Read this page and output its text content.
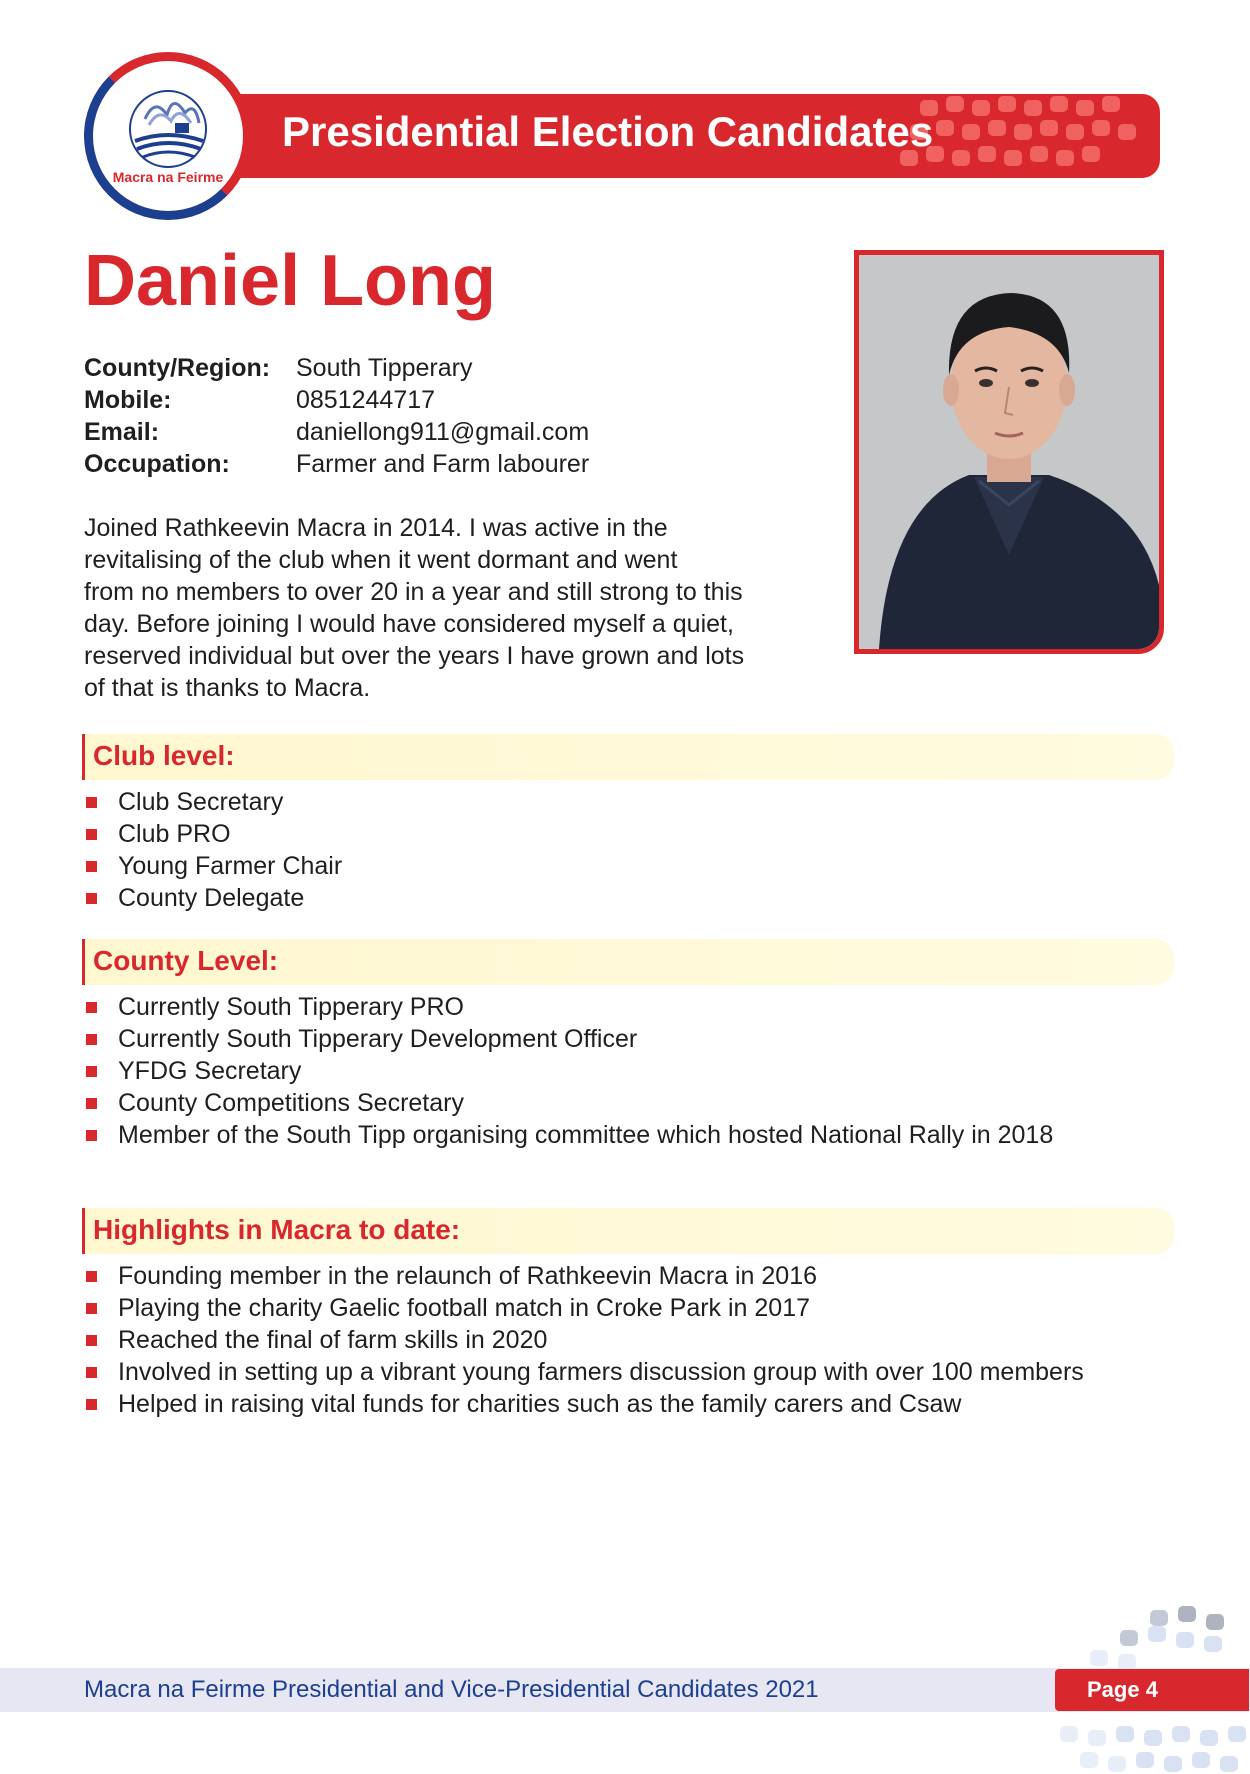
Macra na Feirme
Presidential Election Candidates
Daniel Long
County/Region:	South Tipperary
Mobile:	0851244717
Email:	daniellong911@gmail.com
Occupation:	Farmer and Farm labourer

Joined Rathkeevin Macra in 2014. I was active in the
revitalising of the club when it went dormant and went
from no members to over 20 in a year and still strong to this
day. Before joining I would have considered myself a quiet,
reserved individual but over the years I have grown and lots
of that is thanks to Macra.

Club level:
Club Secretary
Club PRO
Young Farmer Chair
County Delegate
County Level:
Currently South Tipperary PRO
Currently South Tipperary Development Officer
YFDG Secretary
County Competitions Secretary
Member of the South Tipp organising committee which hosted National Rally in 2018
Highlights in Macra to date:
Founding member in the relaunch of Rathkeevin Macra in 2016
Playing the charity Gaelic football match in Croke Park in 2017
Reached the final of farm skills in 2020
Involved in setting up a vibrant young farmers discussion group with over 100 members
Helped in raising vital funds for charities such as the family carers and Csaw
Macra na Feirme Presidential and Vice-Presidential Candidates 2021	Page 4
